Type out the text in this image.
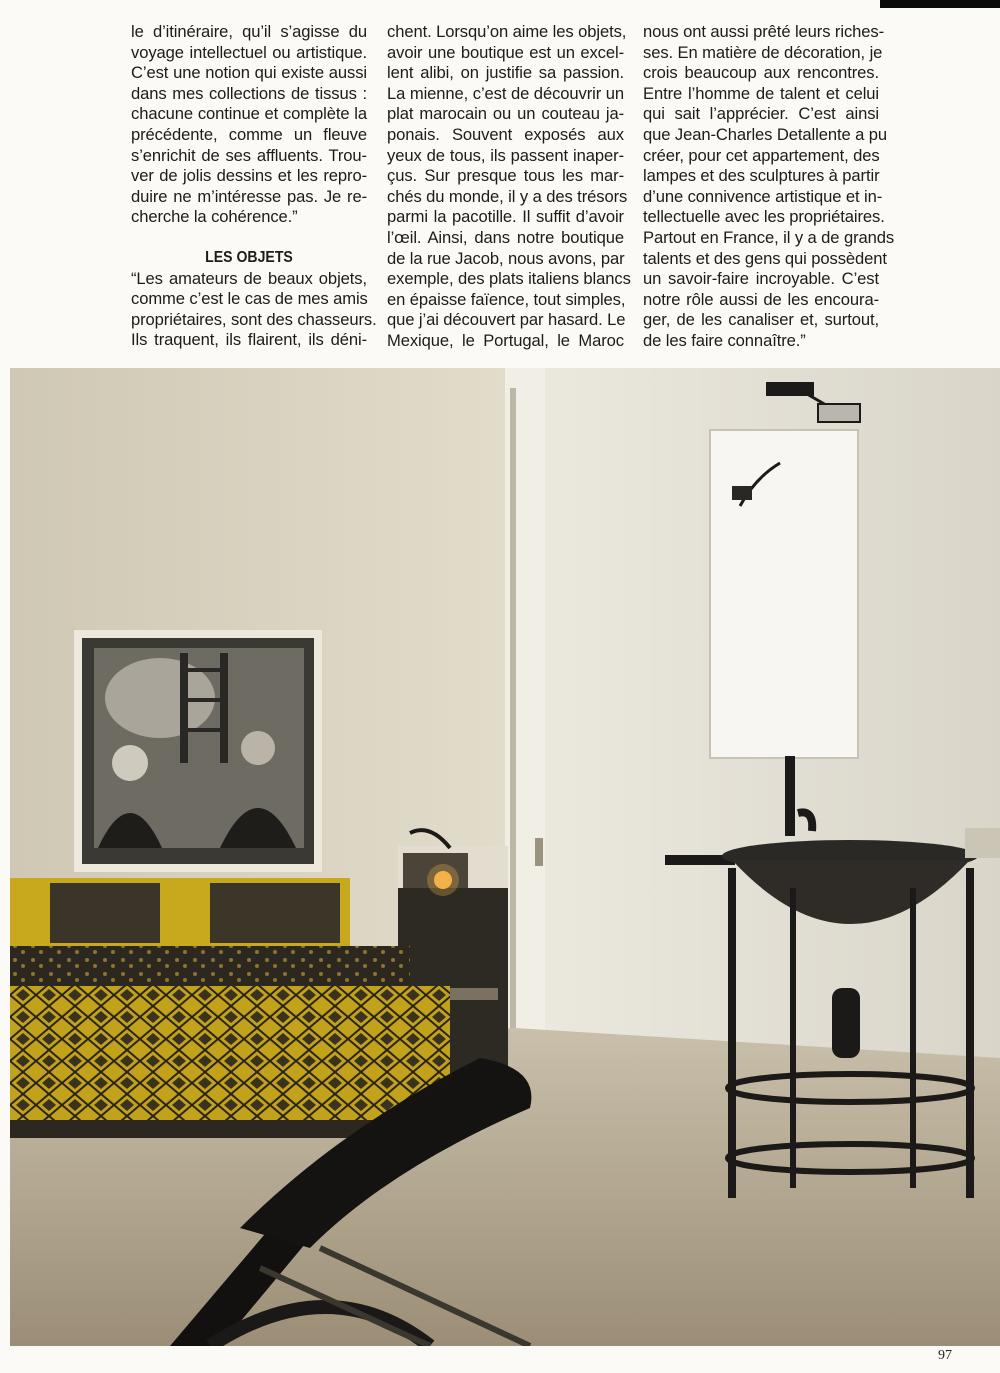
le d’itinéraire, qu’il s’agisse du
voyage intellectuel ou artistique.
C’est une notion qui existe aussi
dans mes collections de tissus :
chacune continue et complète la
précédente, comme un fleuve
s’enrichit de ses affluents. Trou-
ver de jolis dessins et les repro-
duire ne m’intéresse pas. Je re-
cherche la cohérence.”
LES OBJETS
“Les amateurs de beaux objets,
comme c’est le cas de mes amis
propriétaires, sont des chasseurs.
Ils traquent, ils flairent, ils déni-
chent. Lorsqu’on aime les objets,
avoir une boutique est un excel-
lent alibi, on justifie sa passion.
La mienne, c’est de découvrir un
plat marocain ou un couteau ja-
ponais. Souvent exposés aux
yeux de tous, ils passent inaper-
çus. Sur presque tous les mar-
chés du monde, il y a des trésors
parmi la pacotille. Il suffit d’avoir
l’œil. Ainsi, dans notre boutique
de la rue Jacob, nous avons, par
exemple, des plats italiens blancs
en épaisse faïence, tout simples,
que j’ai découvert par hasard. Le
Mexique, le Portugal, le Maroc
nous ont aussi prêté leurs riches-
ses. En matière de décoration, je
crois beaucoup aux rencontres.
Entre l’homme de talent et celui
qui sait l’apprécier. C’est ainsi
que Jean-Charles Detallente a pu
créer, pour cet appartement, des
lampes et des sculptures à partir
d’une connivence artistique et in-
tellectuelle avec les propriétaires.
Partout en France, il y a de grands
talents et des gens qui possèdent
un savoir-faire incroyable. C’est
notre rôle aussi de les encoura-
ger, de les canaliser et, surtout,
de les faire connaître.”
97
